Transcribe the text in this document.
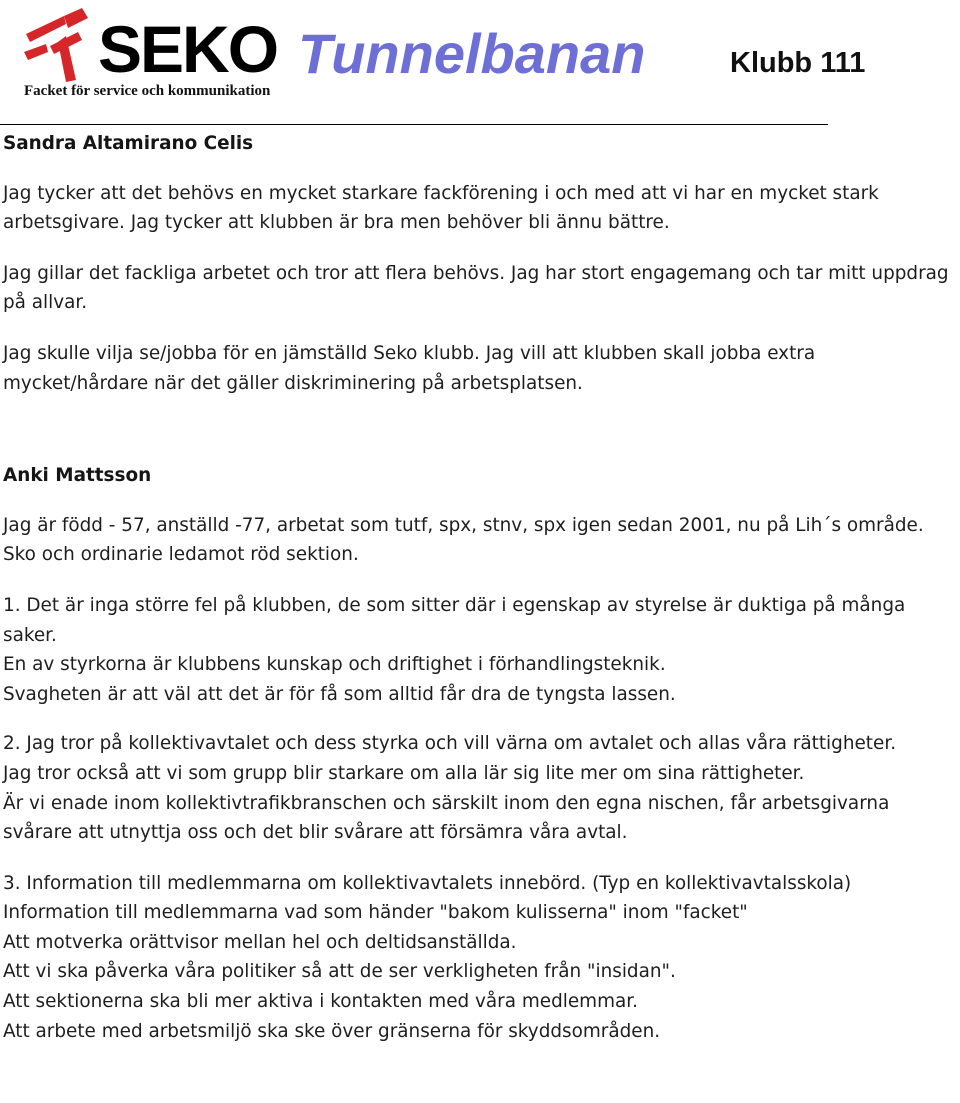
SEKO
Facket för service och kommunikation
Tunnelbanan	Klubb 111

Sandra Altamirano Celis

Jag tycker att det behövs en mycket starkare fackförening i och med att vi har en mycket stark arbetsgivare. Jag tycker att klubben är bra men behöver bli ännu bättre.

Jag gillar det fackliga arbetet och tror att flera behövs. Jag har stort engagemang och tar mitt uppdrag på allvar.

Jag skulle vilja se/jobba för en jämställd Seko klubb. Jag vill att klubben skall jobba extra mycket/hårdare när det gäller diskriminering på arbetsplatsen.

Anki Mattsson

Jag är född - 57, anställd -77, arbetat som tutf, spx, stnv, spx igen sedan 2001, nu på Lih´s område. Sko och ordinarie ledamot röd sektion.

1. Det är inga större fel på klubben, de som sitter där i egenskap av styrelse är duktiga på många saker.

En av styrkorna är klubbens kunskap och driftighet i förhandlingsteknik.

Svagheten är att väl att det är för få som alltid får dra de tyngsta lassen.

2. Jag tror på kollektivavtalet och dess styrka och vill värna om avtalet och allas våra rättigheter.

Jag tror också att vi som grupp blir starkare om alla lär sig lite mer om sina rättigheter.

Är vi enade inom kollektivtrafikbranschen och särskilt inom den egna nischen, får arbetsgivarna svårare att utnyttja oss och det blir svårare att försämra våra avtal.

3. Information till medlemmarna om kollektivavtalets innebörd. (Typ en kollektivavtalsskola)

Information till medlemmarna vad som händer "bakom kulisserna" inom "facket"

Att motverka orättvisor mellan hel och deltidsanställda.

Att vi ska påverka våra politiker så att de ser verkligheten från "insidan".

Att sektionerna ska bli mer aktiva i kontakten med våra medlemmar.

Att arbete med arbetsmiljö ska ske över gränserna för skyddsområden.
